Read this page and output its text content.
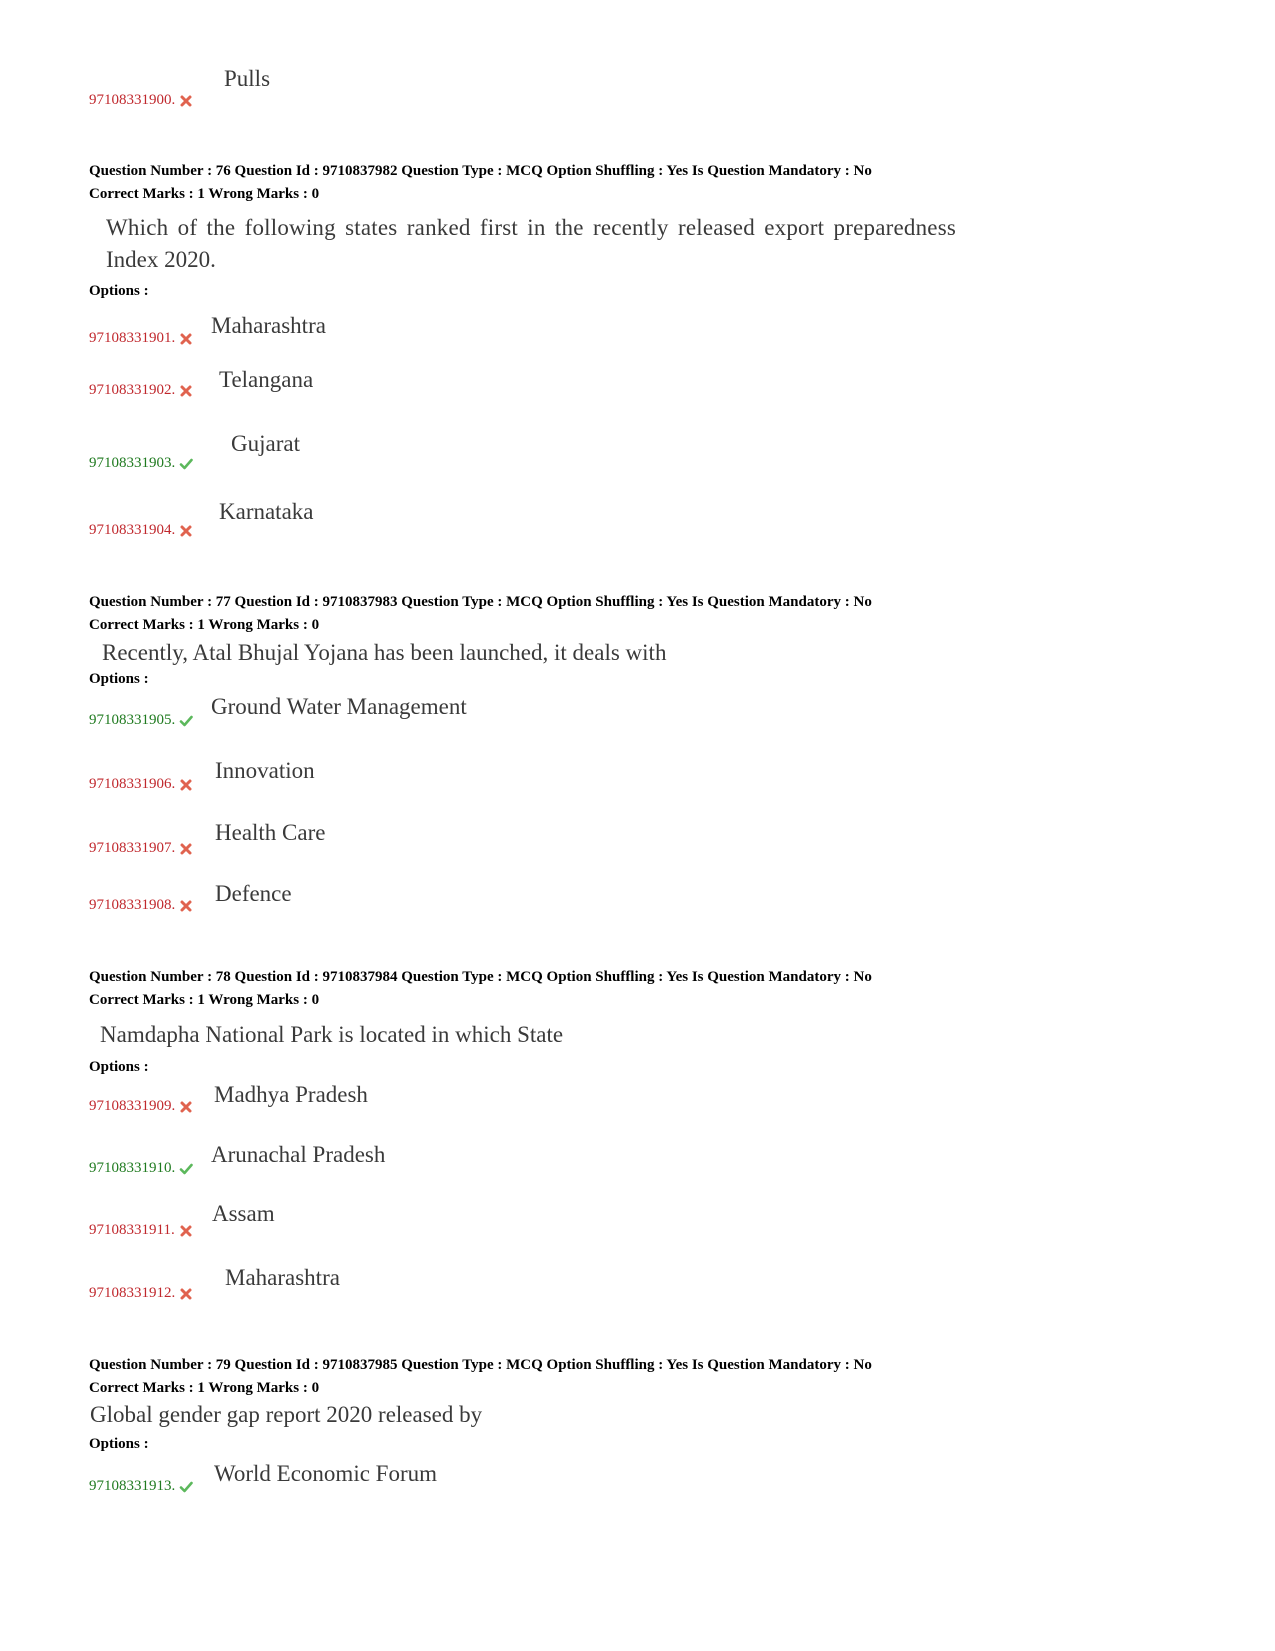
97108331900.
Pulls
Question Number : 76 Question Id : 9710837982 Question Type : MCQ Option Shuffling : Yes Is Question Mandatory : No
Correct Marks : 1 Wrong Marks : 0
Which of the following states ranked first in the recently released export preparedness
Index 2020.
Options :
97108331901.	Maharashtra
97108331902.	Telangana
97108331903.
Gujarat
97108331904.
Karnataka
Question Number : 77 Question Id : 9710837983 Question Type : MCQ Option Shuffling : Yes Is Question Mandatory : No
Correct Marks : 1 Wrong Marks : 0
Recently, Atal Bhujal Yojana has been launched, it deals with
Options :
97108331905.
Ground Water Management
97108331906.
Innovation
97108331907.
Health Care
97108331908.	Defence
Question Number : 78 Question Id : 9710837984 Question Type : MCQ Option Shuffling : Yes Is Question Mandatory : No
Correct Marks : 1 Wrong Marks : 0
Namdapha National Park is located in which State
Options :
97108331909.	Madhya Pradesh
97108331910.
Arunachal Pradesh
97108331911.
Assam
97108331912.
Maharashtra
Question Number : 79 Question Id : 9710837985 Question Type : MCQ Option Shuffling : Yes Is Question Mandatory : No
Correct Marks : 1 Wrong Marks : 0
Global gender gap report 2020 released by
Options :
97108331913.	World Economic Forum
